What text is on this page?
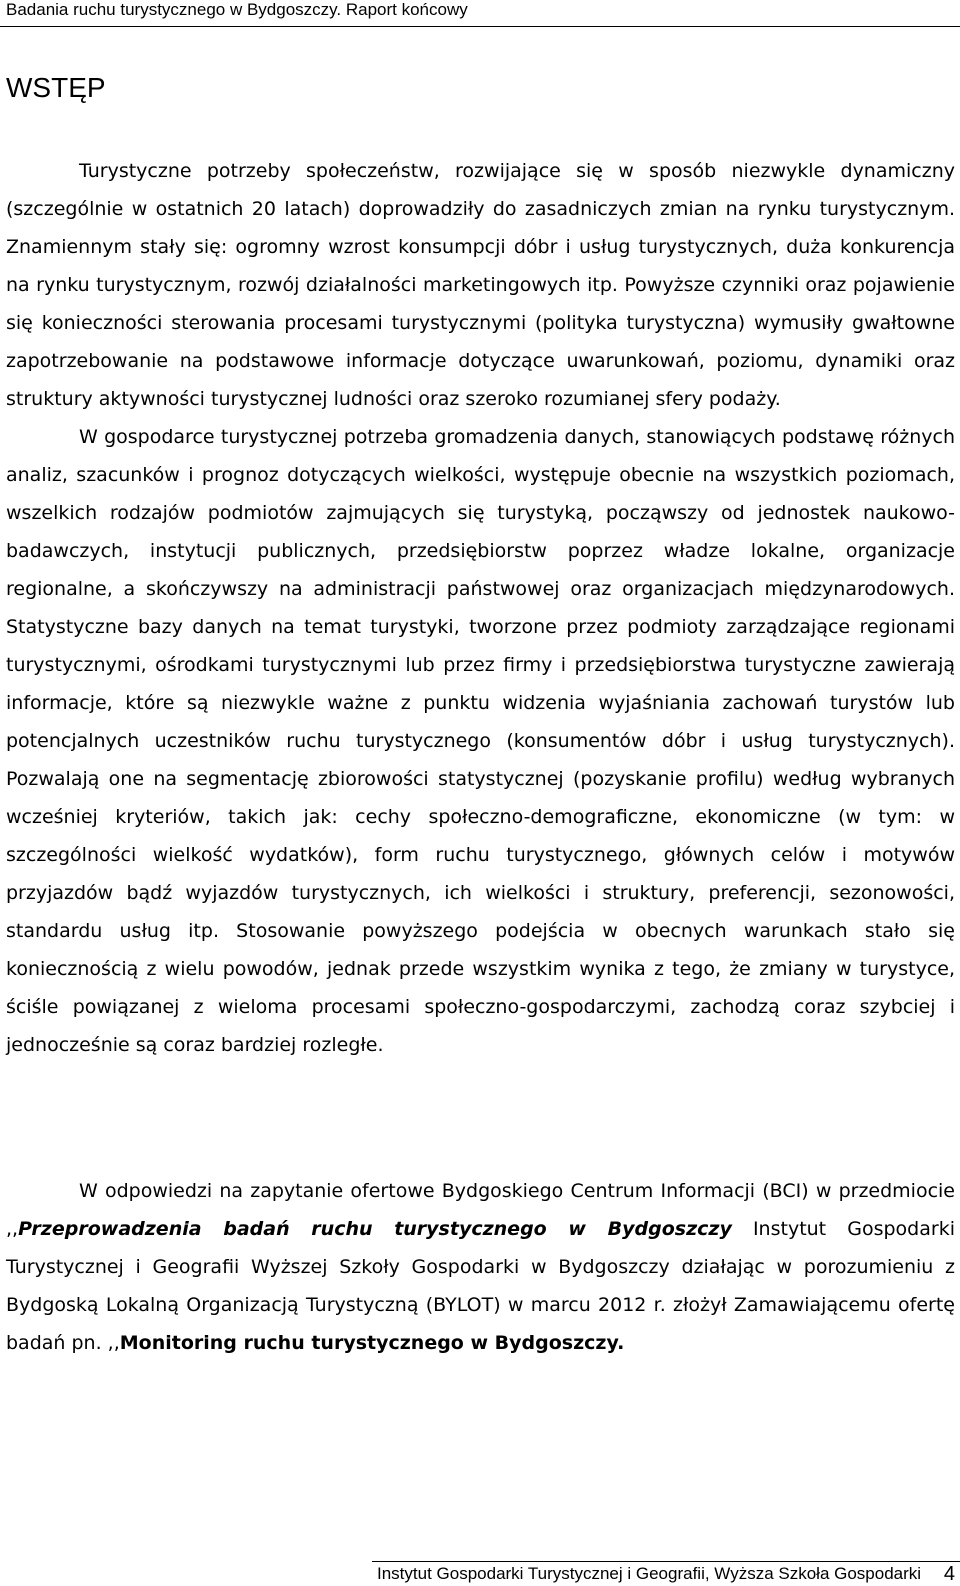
Badania ruchu turystycznego w Bydgoszczy. Raport końcowy
WSTĘP

Turystyczne potrzeby społeczeństw, rozwijające się w sposób niezwykle dynamiczny (szczególnie w ostatnich 20 latach) doprowadziły do zasadniczych zmian na rynku turystycznym. Znamiennym stały się: ogromny wzrost konsumpcji dóbr i usług turystycznych, duża konkurencja na rynku turystycznym, rozwój działalności marketingowych itp. Powyższe czynniki oraz pojawienie się konieczności sterowania procesami turystycznymi (polityka turystyczna) wymusiły gwałtowne zapotrzebowanie na podstawowe informacje dotyczące uwarunkowań, poziomu, dynamiki oraz struktury aktywności turystycznej ludności oraz szeroko rozumianej sfery podaży.

W gospodarce turystycznej potrzeba gromadzenia danych, stanowiących podstawę różnych analiz, szacunków i prognoz dotyczących wielkości, występuje obecnie na wszystkich poziomach, wszelkich rodzajów podmiotów zajmujących się turystyką, począwszy od jednostek naukowo-badawczych, instytucji publicznych, przedsiębiorstw poprzez władze lokalne, organizacje regionalne, a skończywszy na administracji państwowej oraz organizacjach międzynarodowych. Statystyczne bazy danych na temat turystyki, tworzone przez podmioty zarządzające regionami turystycznymi, ośrodkami turystycznymi lub przez firmy i przedsiębiorstwa turystyczne zawierają informacje, które są niezwykle ważne z punktu widzenia wyjaśniania zachowań turystów lub potencjalnych uczestników ruchu turystycznego (konsumentów dóbr i usług turystycznych). Pozwalają one na segmentację zbiorowości statystycznej (pozyskanie profilu) według wybranych wcześniej kryteriów, takich jak: cechy społeczno-demograficzne, ekonomiczne (w tym: w szczególności wielkość wydatków), form ruchu turystycznego, głównych celów i motywów przyjazdów bądź wyjazdów turystycznych, ich wielkości i struktury, preferencji, sezonowości, standardu usług itp. Stosowanie powyższego podejścia w obecnych warunkach stało się koniecznością z wielu powodów, jednak przede wszystkim wynika z tego, że zmiany w turystyce, ściśle powiązanej z wieloma procesami społeczno-gospodarczymi, zachodzą coraz szybciej i jednocześnie są coraz bardziej rozległe.

W odpowiedzi na zapytanie ofertowe Bydgoskiego Centrum Informacji (BCI) w przedmiocie ,,Przeprowadzenia badań ruchu turystycznego w Bydgoszczy Instytut Gospodarki Turystycznej i Geografii Wyższej Szkoły Gospodarki w Bydgoszczy działając w porozumieniu z Bydgoską Lokalną Organizacją Turystyczną (BYLOT) w marcu 2012 r. złożył Zamawiającemu ofertę badań pn. ,,Monitoring ruchu turystycznego w Bydgoszczy.

Instytut Gospodarki Turystycznej i Geografii, Wyższa Szkoła Gospodarki	4
